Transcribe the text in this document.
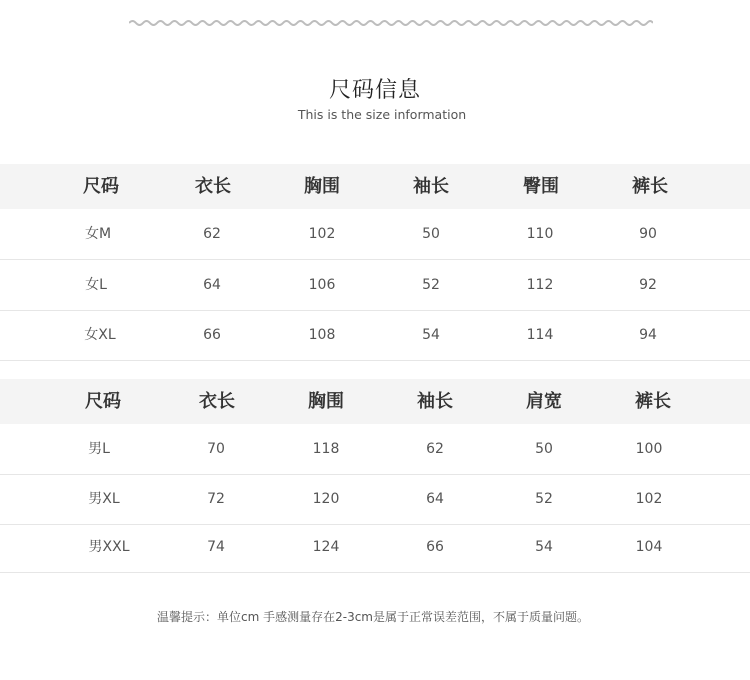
尺码信息
This is the size information
尺码	衣长	胸围	袖长	臀围	裤长
女M	62	102	50	110	90
女L	64	106	52	112	92
女XL	66	108	54	114	94
尺码	衣长	胸围	袖长	肩宽	裤长
男L	70	118	62	50	100
男XL	72	120	64	52	102
男XXL	74	124	66	54	104
温馨提示：单位cm 手感测量存在2-3cm是属于正常误差范围，不属于质量问题。
